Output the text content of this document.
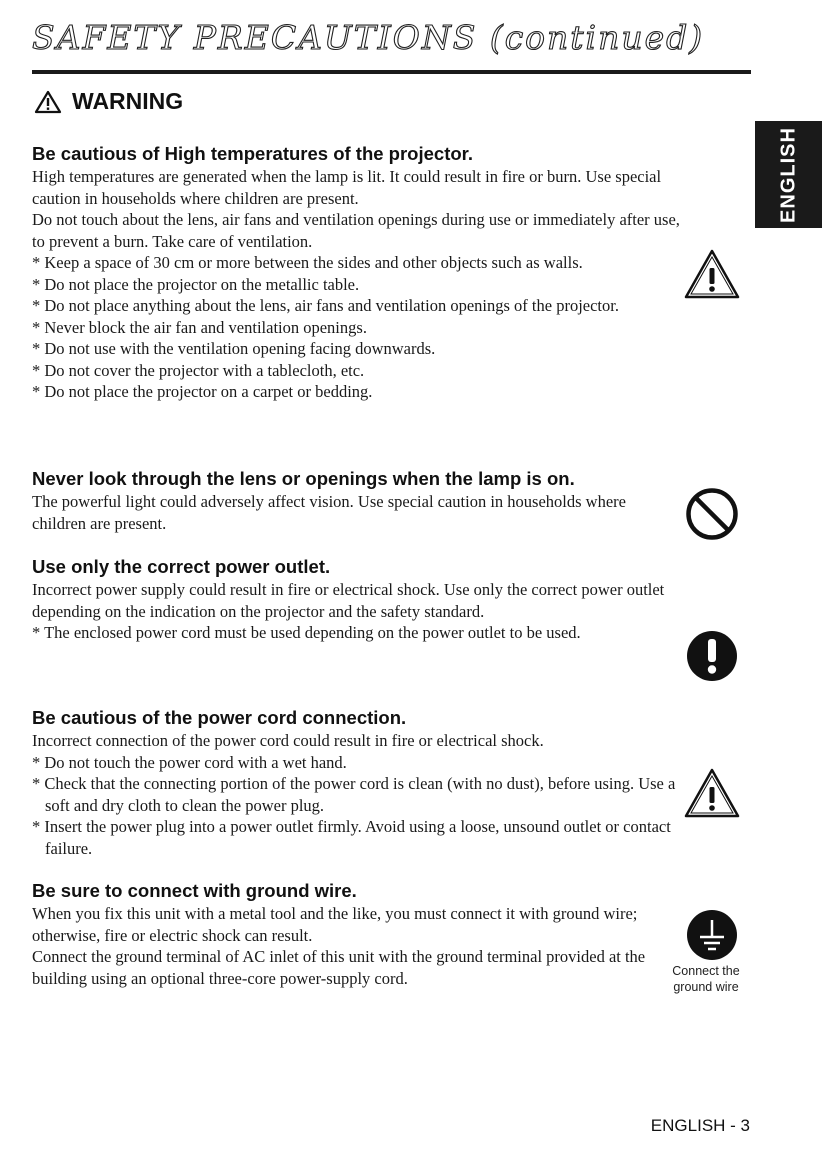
SAFETY PRECAUTIONS (continued)
WARNING
ENGLISH
Be cautious of High temperatures of the projector.

High temperatures are generated when the lamp is lit. It could result in fire or burn. Use special caution in households where children are present.

Do not touch about the lens, air fans and ventilation openings during use or immediately after use, to prevent a burn. Take care of ventilation.

* Keep a space of 30 cm or more between the sides and other objects such as walls.
* Do not place the projector on the metallic table.
* Do not place anything about the lens, air fans and ventilation openings of the projector.
* Never block the air fan and ventilation openings.
* Do not use with the ventilation opening facing downwards.
* Do not cover the projector with a tablecloth, etc.
* Do not place the projector on a carpet or bedding.
Never look through the lens or openings when the lamp is on.

The powerful light could adversely affect vision. Use special caution in households where children are present.

Use only the correct power outlet.

Incorrect power supply could result in fire or electrical shock. Use only the correct power outlet depending on the indication on the projector and the safety standard.

* The enclosed power cord must be used depending on the power outlet to be used.
Be cautious of the power cord connection.

Incorrect connection of the power cord could result in fire or electrical shock.

* Do not touch the power cord with a wet hand.
* Check that the connecting portion of the power cord is clean (with no dust), before using. Use a soft and dry cloth to clean the power plug.
* Insert the power plug into a power outlet firmly. Avoid using a loose, unsound outlet or contact failure.
Be sure to connect with ground wire.

When you fix this unit with a metal tool and the like, you must connect it with ground wire; otherwise, fire or electric shock can result.

Connect the ground terminal of AC inlet of this unit with the ground terminal provided at the building using an optional three-core power-supply cord.	Connect the ground wire
ENGLISH - 3
